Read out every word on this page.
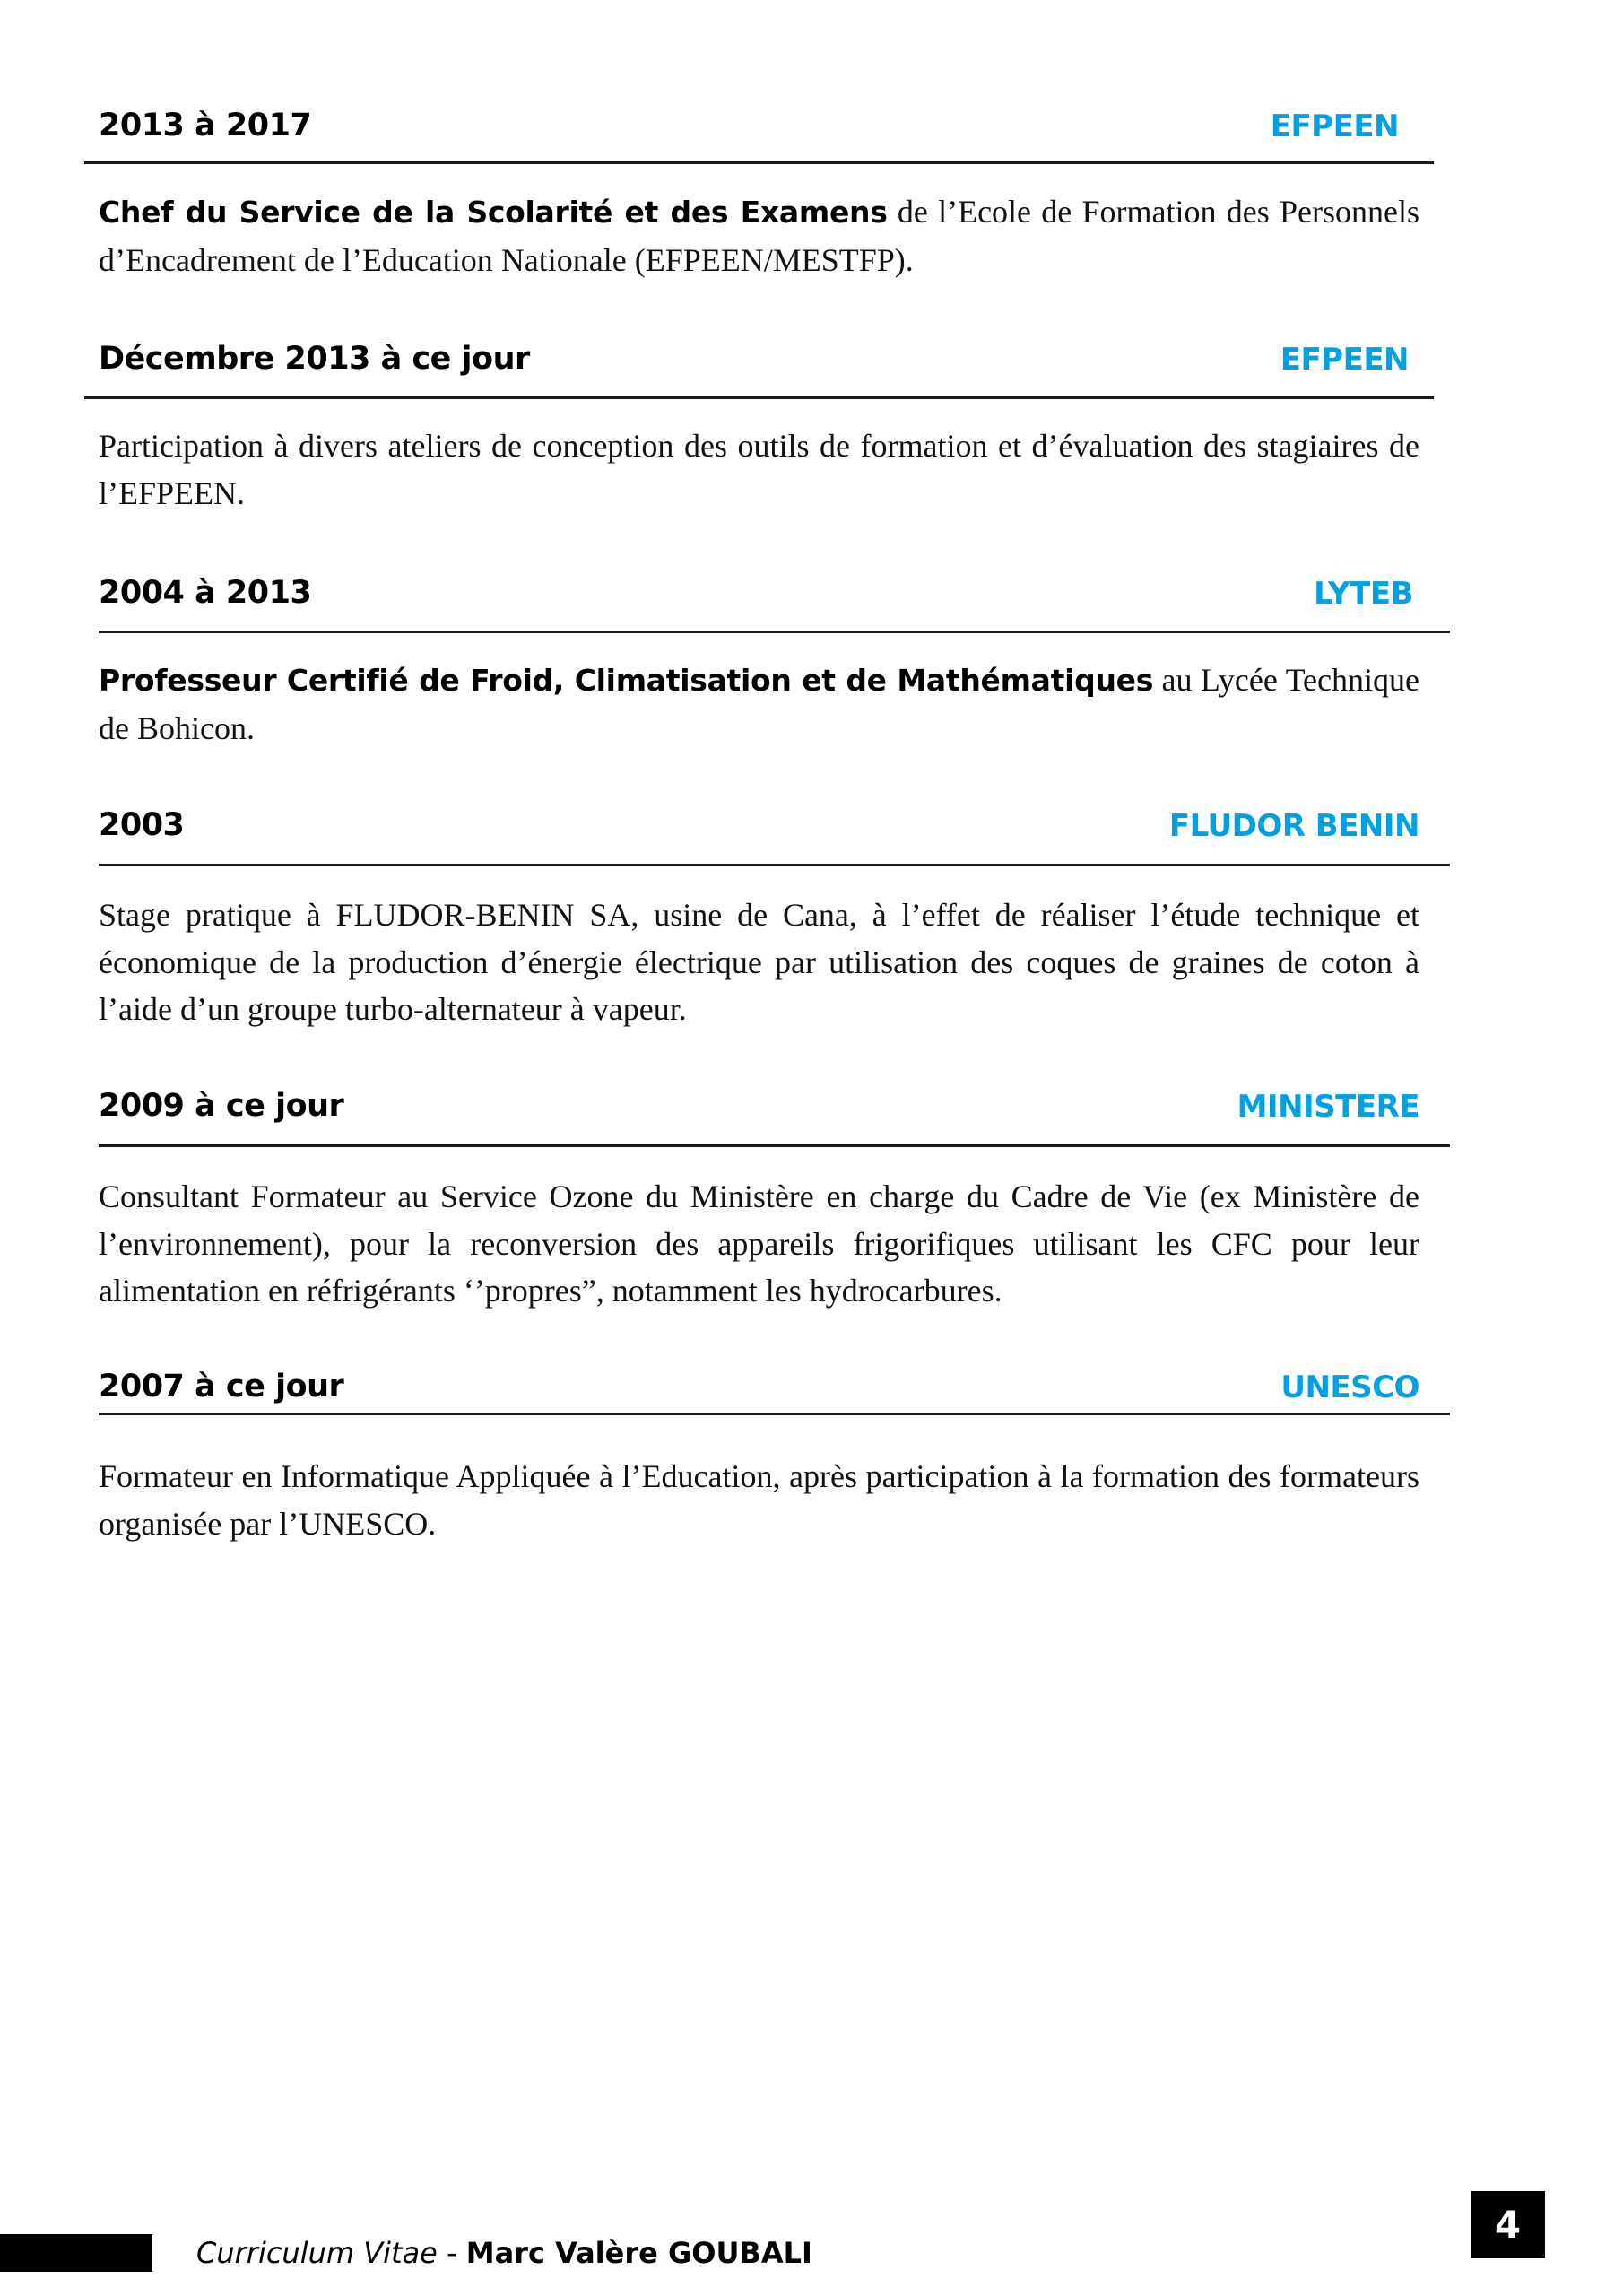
2013 à 2017	EFPEEN
Chef du Service de la Scolarité et des Examens de l’Ecole de Formation des Personnels d’Encadrement de l’Education Nationale (EFPEEN/MESTFP).
Décembre 2013 à ce jour	EFPEEN
Participation à divers ateliers de conception des outils de formation et d’évaluation des stagiaires de l’EFPEEN.
2004 à 2013	LYTEB
Professeur Certifié de Froid, Climatisation et de Mathématiques au Lycée Technique de Bohicon.
2003	FLUDOR BENIN
Stage pratique à FLUDOR-BENIN SA, usine de Cana, à l’effet de réaliser l’étude technique et économique de la production d’énergie électrique par utilisation des coques de graines de coton à l’aide d’un groupe turbo-alternateur à vapeur.
2009 à ce jour	MINISTERE
Consultant Formateur au Service Ozone du Ministère en charge du Cadre de Vie (ex Ministère de l’environnement), pour la reconversion des appareils frigorifiques utilisant les CFC pour leur alimentation en réfrigérants ‘’propres”, notamment les hydrocarbures.
2007 à ce jour	UNESCO
Formateur en Informatique Appliquée à l’Education, après participation à la formation des formateurs organisée par l’UNESCO.
Curriculum Vitae - Marc Valère GOUBALI
4
